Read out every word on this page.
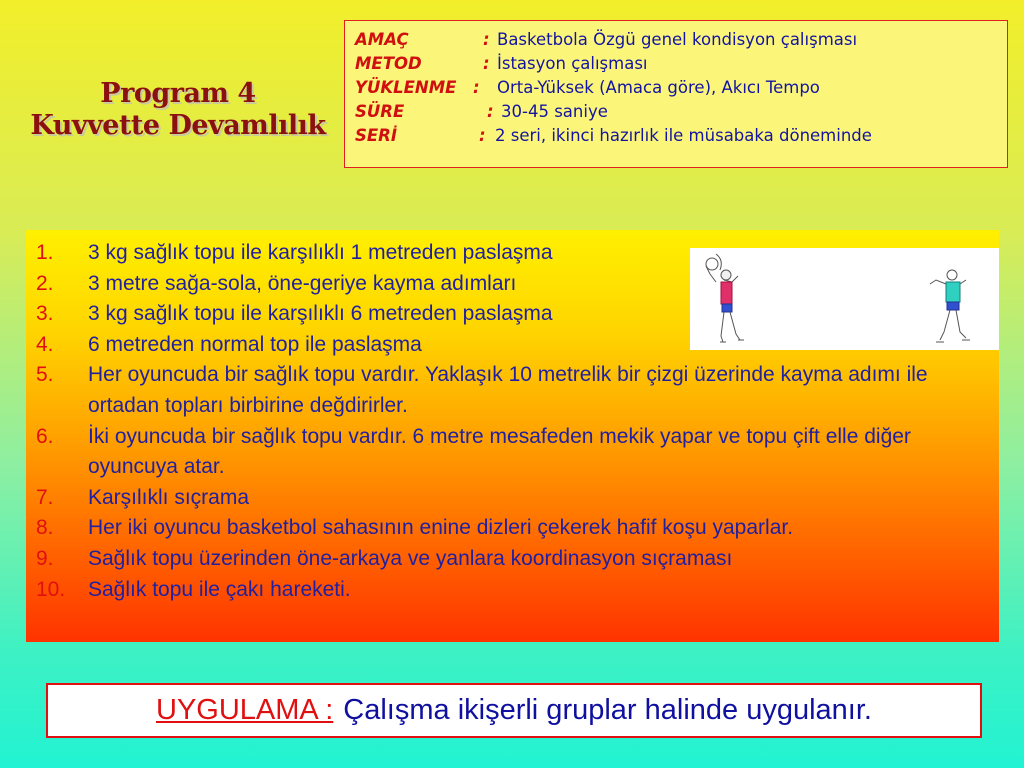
Program 4
Kuvvette Devamlılık
AMAÇ	: Basketbola Özgü genel kondisyon çalışması
METOD	: İstasyon çalışması
YÜKLENME : Orta-Yüksek (Amaca göre), Akıcı Tempo
SÜRE	: 30-45 saniye
SERİ	: 2 seri, ikinci hazırlık ile müsabaka döneminde
1.	3 kg sağlık topu ile karşılıklı 1 metreden paslaşma
2.	3 metre sağa-sola, öne-geriye kayma adımları
3.	3 kg sağlık topu ile karşılıklı 6 metreden paslaşma
4.	6 metreden normal top ile paslaşma
5.	Her oyuncuda bir sağlık topu vardır. Yaklaşık 10 metrelik bir çizgi üzerinde kayma adımı ile ortadan topları birbirine değdirirler.
6.	İki oyuncuda bir sağlık topu vardır. 6 metre mesafeden mekik yapar ve topu çift elle diğer oyuncuya atar.
7.	Karşılıklı sıçrama
8.	Her iki oyuncu basketbol sahasının enine dizleri çekerek hafif koşu yaparlar.
9.	Sağlık topu üzerinden öne-arkaya ve yanlara koordinasyon sıçraması
10.	Sağlık topu ile çakı hareketi.
UYGULAMA : Çalışma ikişerli gruplar halinde uygulanır.
